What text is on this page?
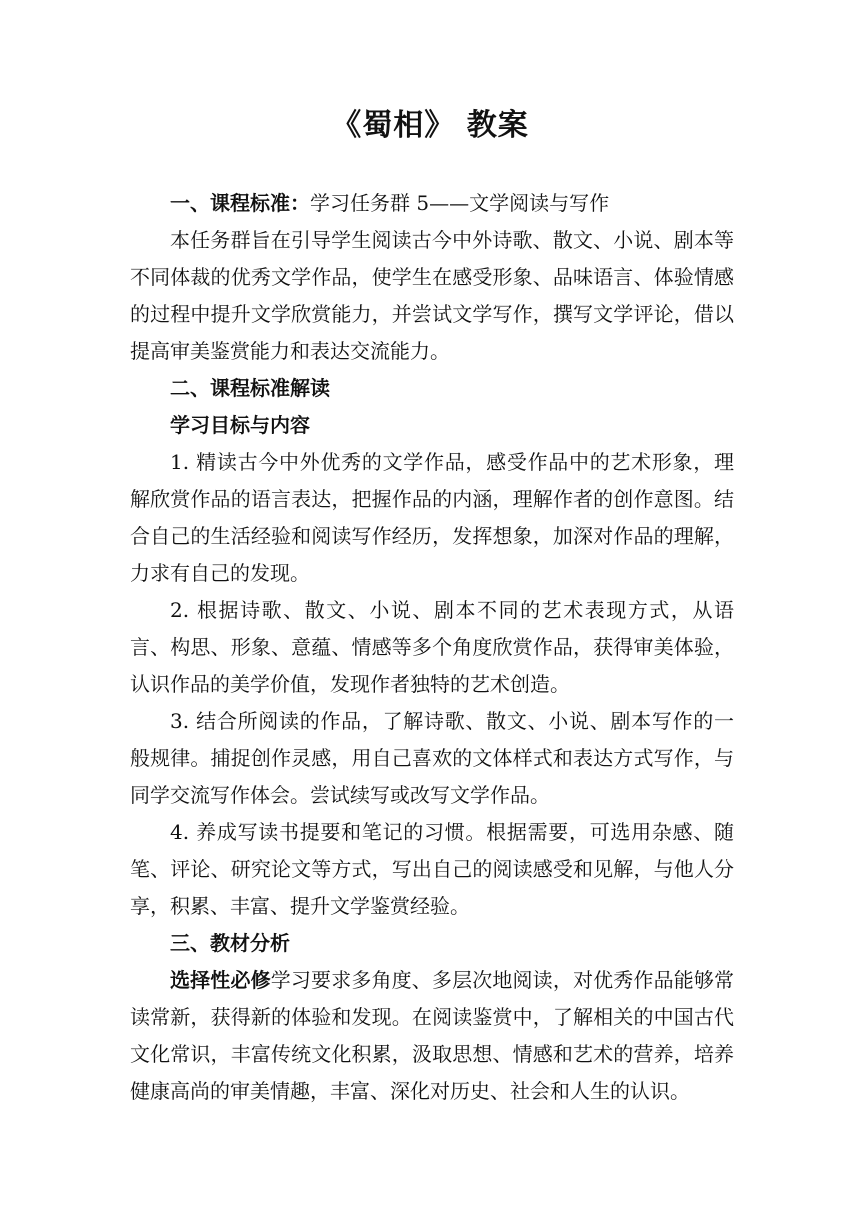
《蜀相》 教案

一、课程标准：学习任务群 5——文学阅读与写作

本任务群旨在引导学生阅读古今中外诗歌、散文、小说、剧本等不同体裁的优秀文学作品，使学生在感受形象、品味语言、体验情感的过程中提升文学欣赏能力，并尝试文学写作，撰写文学评论，借以提高审美鉴赏能力和表达交流能力。

二、课程标准解读

学习目标与内容

1. 精读古今中外优秀的文学作品，感受作品中的艺术形象，理解欣赏作品的语言表达，把握作品的内涵，理解作者的创作意图。结合自己的生活经验和阅读写作经历，发挥想象，加深对作品的理解，力求有自己的发现。

2. 根据诗歌、散文、小说、剧本不同的艺术表现方式，从语言、构思、形象、意蕴、情感等多个角度欣赏作品，获得审美体验，认识作品的美学价值，发现作者独特的艺术创造。

3. 结合所阅读的作品，了解诗歌、散文、小说、剧本写作的一般规律。捕捉创作灵感，用自己喜欢的文体样式和表达方式写作，与同学交流写作体会。尝试续写或改写文学作品。

4. 养成写读书提要和笔记的习惯。根据需要，可选用杂感、随笔、评论、研究论文等方式，写出自己的阅读感受和见解，与他人分享，积累、丰富、提升文学鉴赏经验。

三、教材分析

选择性必修学习要求多角度、多层次地阅读，对优秀作品能够常读常新，获得新的体验和发现。在阅读鉴赏中，了解相关的中国古代文化常识，丰富传统文化积累，汲取思想、情感和艺术的营养，培养健康高尚的审美情趣，丰富、深化对历史、社会和人生的认识。
